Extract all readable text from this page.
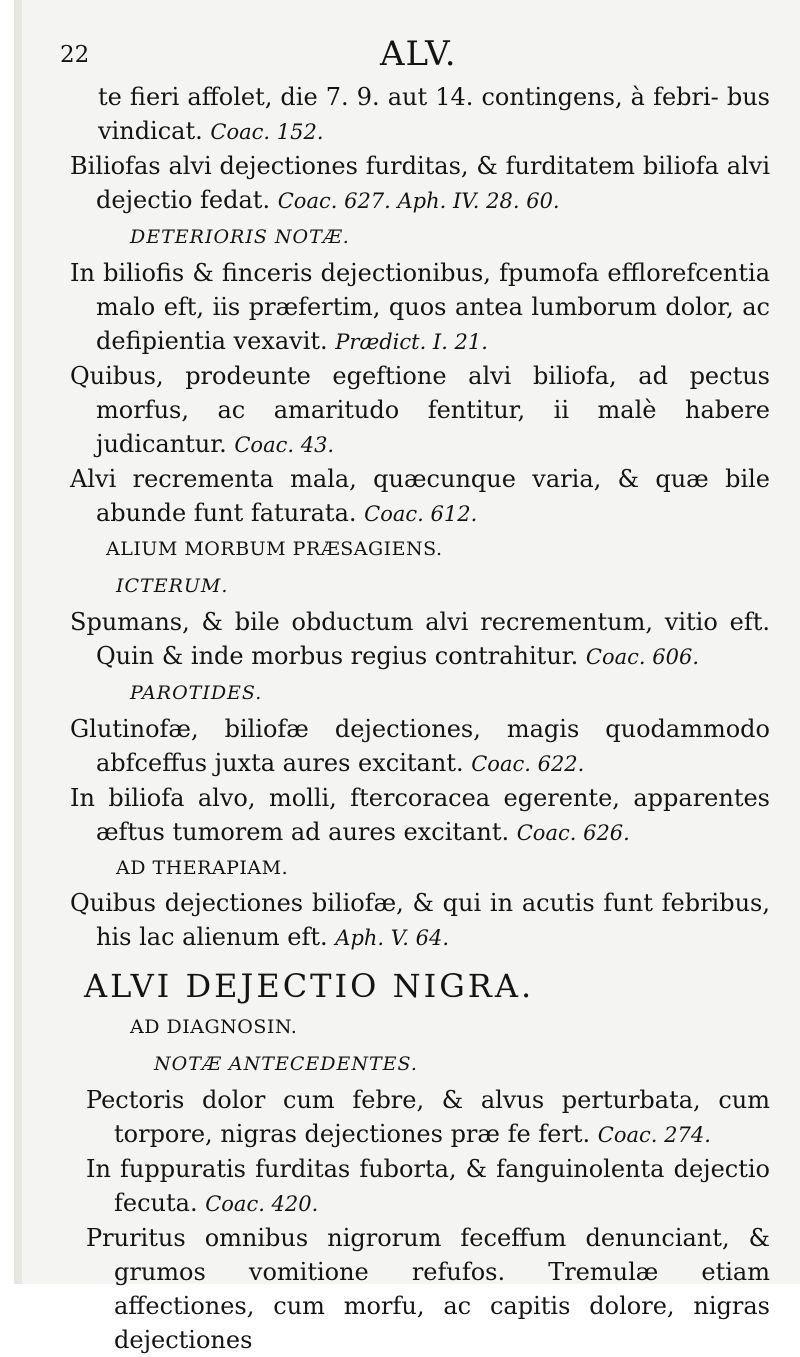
22	ALV.

te fieri affolet, die 7. 9. aut 14. contingens, à febri- bus vindicat. Coac. 152.

Biliofas alvi dejectiones furditas, & furditatem biliofa alvi dejectio fedat. Coac. 627. Aph. IV. 28. 60.

DETERIORIS NOTÆ.

In biliofis & finceris dejectionibus, fpumofa efflorefcentia malo eft, iis præfertim, quos antea lumborum dolor, ac defipientia vexavit. Prædict. I. 21.

Quibus, prodeunte egeftione alvi biliofa, ad pectus morfus, ac amaritudo fentitur, ii malè habere judicantur. Coac. 43.

Alvi recrementa mala, quæcunque varia, & quæ bile abunde funt faturata. Coac. 612.

ALIUM MORBUM PRÆSAGIENS.

ICTERUM.

Spumans, & bile obductum alvi recrementum, vitio eft. Quin & inde morbus regius contrahitur. Coac. 606.

PAROTIDES.

Glutinofæ, biliofæ dejectiones, magis quodammodo abfceffus juxta aures excitant. Coac. 622.

In biliofa alvo, molli, ftercoracea egerente, apparentes æftus tumorem ad aures excitant. Coac. 626.

AD THERAPIAM.

Quibus dejectiones biliofæ, & qui in acutis funt febribus, his lac alienum eft. Aph. V. 64.

ALVI DEJECTIO NIGRA.

AD DIAGNOSIN.

NOTÆ ANTECEDENTES.

Pectoris dolor cum febre, & alvus perturbata, cum torpore, nigras dejectiones præ fe fert. Coac. 274.

In fuppuratis furditas fuborta, & fanguinolenta dejectio fecuta. Coac. 420.

Pruritus omnibus nigrorum feceffum denunciant, & grumos vomitione refufos. Tremulæ etiam affectiones, cum morfu, ac capitis dolore, nigras dejectiones
